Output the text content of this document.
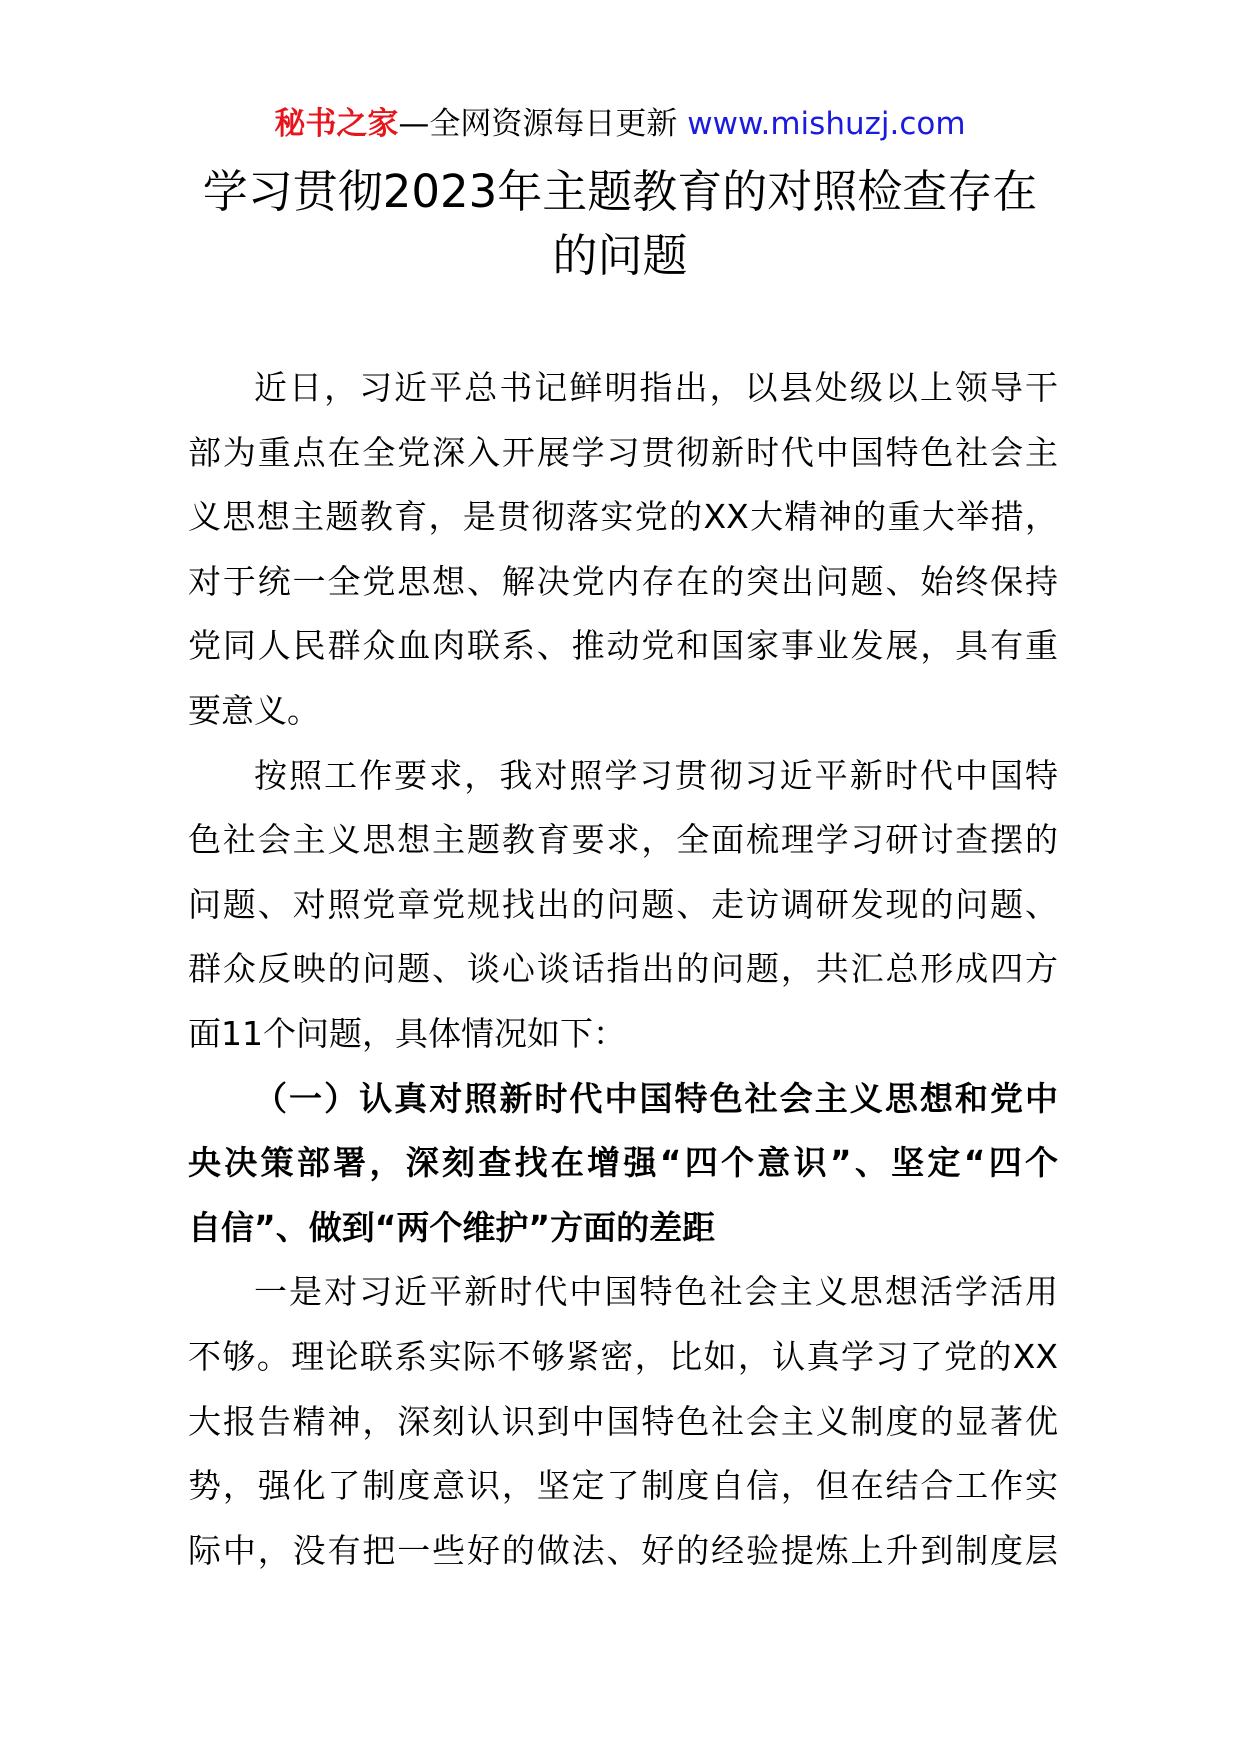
秘书之家—全网资源每日更新 www.mishuzj.com
学习贯彻2023年主题教育的对照检查存在
的问题
近日，习近平总书记鲜明指出，以县处级以上领导干
部为重点在全党深入开展学习贯彻新时代中国特色社会主
义思想主题教育，是贯彻落实党的XX大精神的重大举措，
对于统一全党思想、解决党内存在的突出问题、始终保持
党同人民群众血肉联系、推动党和国家事业发展，具有重
要意义。
按照工作要求，我对照学习贯彻习近平新时代中国特
色社会主义思想主题教育要求，全面梳理学习研讨查摆的
问题、对照党章党规找出的问题、走访调研发现的问题、
群众反映的问题、谈心谈话指出的问题，共汇总形成四方
面11个问题，具体情况如下：
（一）认真对照新时代中国特色社会主义思想和党中
央决策部署，深刻查找在增强“四个意识”、坚定“四个
自信”、做到“两个维护”方面的差距
一是对习近平新时代中国特色社会主义思想活学活用
不够。理论联系实际不够紧密，比如，认真学习了党的XX
大报告精神，深刻认识到中国特色社会主义制度的显著优
势，强化了制度意识，坚定了制度自信，但在结合工作实
际中，没有把一些好的做法、好的经验提炼上升到制度层
